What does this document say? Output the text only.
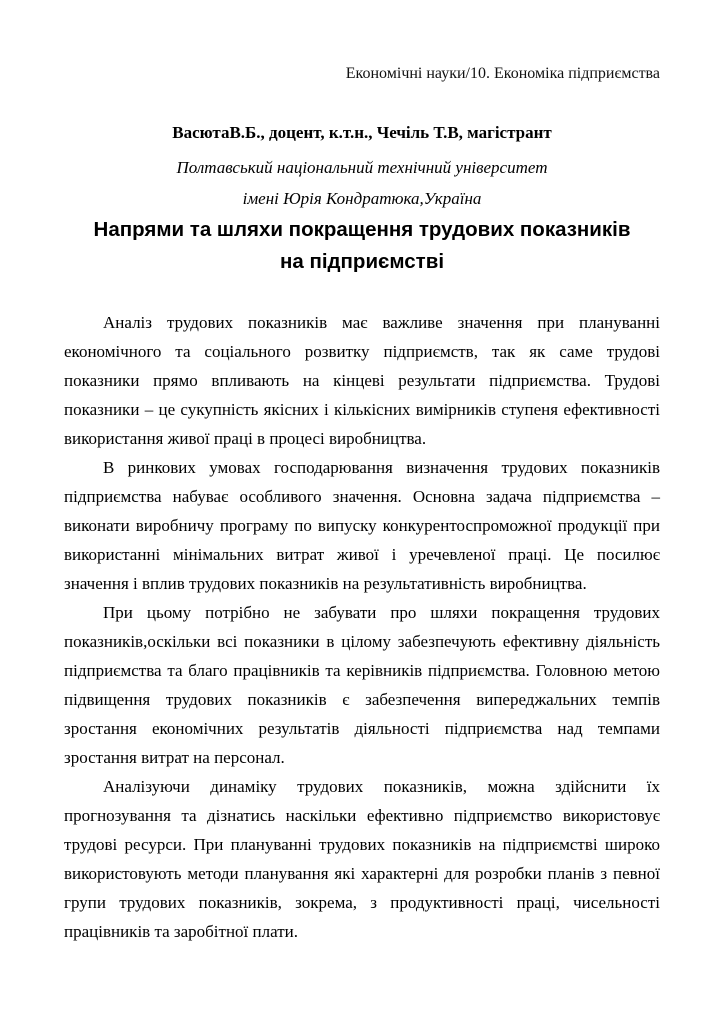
Економічні науки/10. Економіка підприємства
ВасютаВ.Б., доцент, к.т.н., Чечіль Т.В, магістрант
Полтавський національний технічний університет
імені Юрія Кондратюка,Україна
Напрями та шляхи покращення трудових показників
на підприємстві

Аналіз трудових показників має важливе значення при плануванні економічного та соціального розвитку підприємств, так як саме трудові показники прямо впливають на кінцеві результати підприємства. Трудові показники – це сукупність якісних і кількісних вимірників ступеня ефективності використання живої праці в процесі виробництва.

В ринкових умовах господарювання визначення трудових показників підприємства набуває особливого значення. Основна задача підприємства – виконати виробничу програму по випуску конкурентоспроможної продукції при використанні мінімальних витрат живої і уречевленої праці. Це посилює значення і вплив трудових показників на результативність виробництва.

При цьому потрібно не забувати про шляхи покращення трудових показників,оскільки всі показники в цілому забезпечують ефективну діяльність підприємства та благо працівників та керівників підприємства. Головною метою підвищення трудових показників є забезпечення випереджальних темпів зростання економічних результатів діяльності підприємства над темпами зростання витрат на персонал.

Аналізуючи динаміку трудових показників, можна здійснити їх прогнозування та дізнатись наскільки ефективно підприємство використовує трудові ресурси. При плануванні трудових показників на підприємстві широко використовують методи планування які характерні для розробки планів з певної групи трудових показників, зокрема, з продуктивності праці, чисельності працівників та заробітної плати.
